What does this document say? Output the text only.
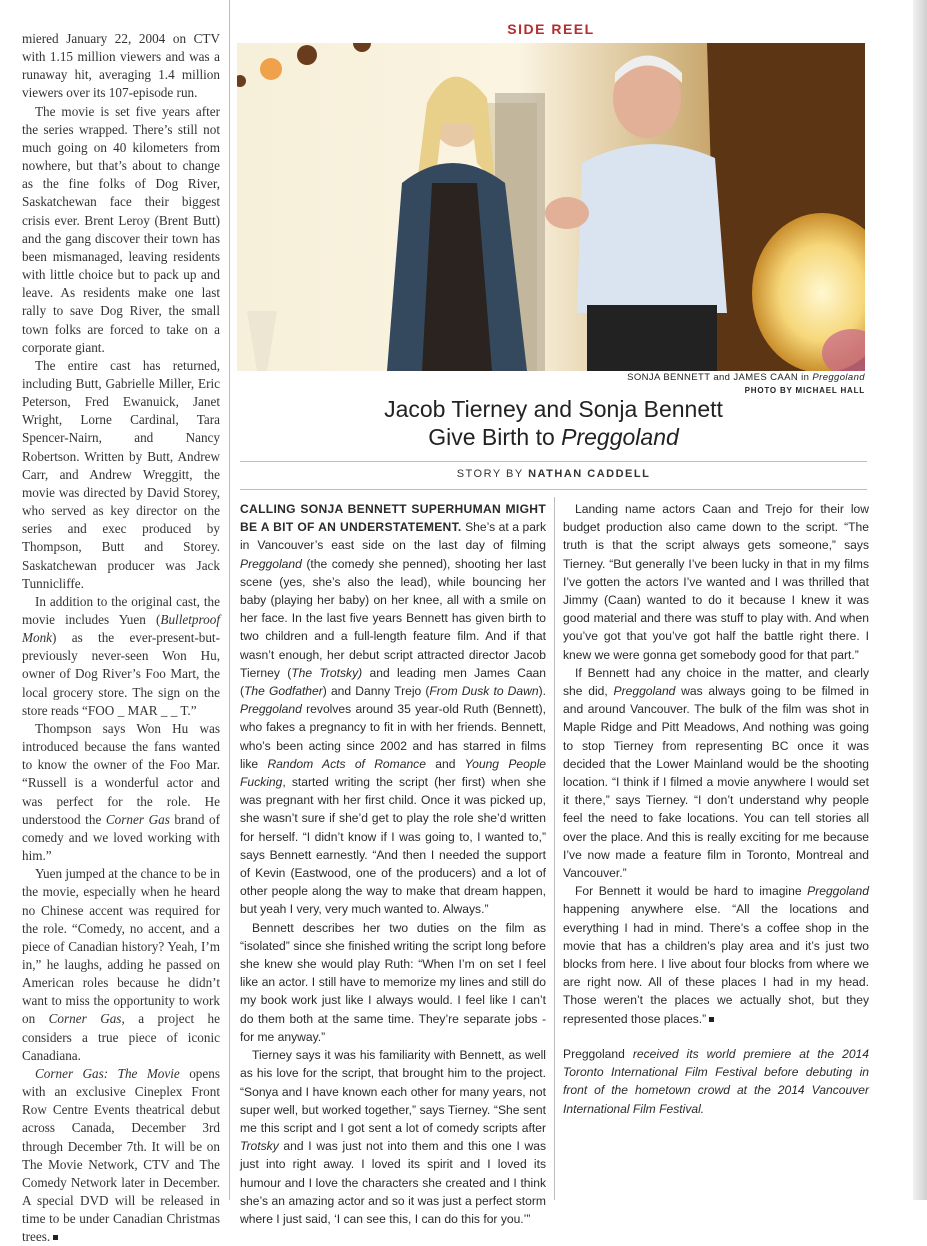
miered January 22, 2004 on CTV with 1.15 million viewers and was a runaway hit, averaging 1.4 million viewers over its 107-episode run.

The movie is set five years after the series wrapped. There’s still not much going on 40 kilometers from nowhere, but that’s about to change as the fine folks of Dog River, Saskatchewan face their biggest crisis ever. Brent Leroy (Brent Butt) and the gang discover their town has been mismanaged, leaving residents with little choice but to pack up and leave. As residents make one last rally to save Dog River, the small town folks are forced to take on a corporate giant.

The entire cast has returned, including Butt, Gabrielle Miller, Eric Peterson, Fred Ewanuick, Janet Wright, Lorne Cardinal, Tara Spencer-Nairn, and Nancy Robertson. Written by Butt, Andrew Carr, and Andrew Wreggitt, the movie was directed by David Storey, who served as key director on the series and exec produced by Thompson, Butt and Storey. Saskatchewan producer was Jack Tunnicliffe.

In addition to the original cast, the movie includes Yuen (Bulletproof Monk) as the ever-present-but-previously never-seen Won Hu, owner of Dog River’s Foo Mart, the local grocery store. The sign on the store reads “FOO _ MAR _ _ T.”

Thompson says Won Hu was introduced because the fans wanted to know the owner of the Foo Mar. “Russell is a wonderful actor and was perfect for the role. He understood the Corner Gas brand of comedy and we loved working with him.”

Yuen jumped at the chance to be in the movie, especially when he heard no Chinese accent was required for the role. “Comedy, no accent, and a piece of Canadian history? Yeah, I’m in,” he laughs, adding he passed on American roles because he didn’t want to miss the opportunity to work on Corner Gas, a project he considers a true piece of iconic Canadiana.

Corner Gas: The Movie opens with an exclusive Cineplex Front Row Centre Events theatrical debut across Canada, December 3rd through December 7th. It will be on The Movie Network, CTV and The Comedy Network later in December. A special DVD will be released in time to be under Canadian Christmas trees.

SIDE REEL
SONJA BENNETT and JAMES CAAN in Preggoland
PHOTO BY MICHAEL HALL
Jacob Tierney and Sonja Bennett
Give Birth to Preggoland
STORY BY NATHAN CADDELL

CALLING SONJA BENNETT SUPERHUMAN MIGHT BE A BIT OF AN UNDERSTATEMENT. She’s at a park in Vancouver’s east side on the last day of filming Preggoland (the comedy she penned), shooting her last scene (yes, she’s also the lead), while bouncing her baby (playing her baby) on her knee, all with a smile on her face. In the last five years Bennett has given birth to two children and a full-length feature film. And if that wasn’t enough, her debut script attracted director Jacob Tierney (The Trotsky) and leading men James Caan (The Godfather) and Danny Trejo (From Dusk to Dawn). Preggoland revolves around 35 year-old Ruth (Bennett), who fakes a pregnancy to fit in with her friends. Bennett, who’s been acting since 2002 and has starred in films like Random Acts of Romance and Young People Fucking, started writing the script (her first) when she was pregnant with her first child. Once it was picked up, she wasn’t sure if she’d get to play the role she’d written for herself. “I didn’t know if I was going to, I wanted to,” says Bennett earnestly. “And then I needed the support of Kevin (Eastwood, one of the producers) and a lot of other people along the way to make that dream happen, but yeah I very, very much wanted to. Always.”

Bennett describes her two duties on the film as “isolated” since she finished writing the script long before she knew she would play Ruth: “When I’m on set I feel like an actor. I still have to memorize my lines and still do my book work just like I always would. I feel like I can’t do them both at the same time. They’re separate jobs - for me anyway.”

Tierney says it was his familiarity with Bennett, as well as his love for the script, that brought him to the project. “Sonya and I have known each other for many years, not super well, but worked together,” says Tierney. “She sent me this script and I got sent a lot of comedy scripts after Trotsky and I was just not into them and this one I was just into right away. I loved its spirit and I loved its humour and I love the characters she created and I think she’s an amazing actor and so it was just a perfect storm where I just said, ‘I can see this, I can do this for you.’”

Landing name actors Caan and Trejo for their low budget production also came down to the script. “The truth is that the script always gets someone,” says Tierney. “But generally I’ve been lucky in that in my films I’ve gotten the actors I’ve wanted and I was thrilled that Jimmy (Caan) wanted to do it because I knew it was good material and there was stuff to play with. And when you’ve got that you’ve got half the battle right there. I knew we were gonna get somebody good for that part.”

If Bennett had any choice in the matter, and clearly she did, Preggoland was always going to be filmed in and around Vancouver. The bulk of the film was shot in Maple Ridge and Pitt Meadows, And nothing was going to stop Tierney from representing BC once it was decided that the Lower Mainland would be the shooting location. “I think if I filmed a movie anywhere I would set it there,” says Tierney. “I don’t understand why people feel the need to fake locations. You can tell stories all over the place. And this is really exciting for me because I’ve now made a feature film in Toronto, Montreal and Vancouver.”

For Bennett it would be hard to imagine Preggoland happening anywhere else. “All the locations and everything I had in mind. There’s a coffee shop in the movie that has a children’s play area and it’s just two blocks from here. I live about four blocks from where we are right now. All of these places I had in my head. Those weren’t the places we actually shot, but they represented those places.”

Preggoland received its world premiere at the 2014 Toronto International Film Festival before debuting in front of the hometown crowd at the 2014 Vancouver International Film Festival.
